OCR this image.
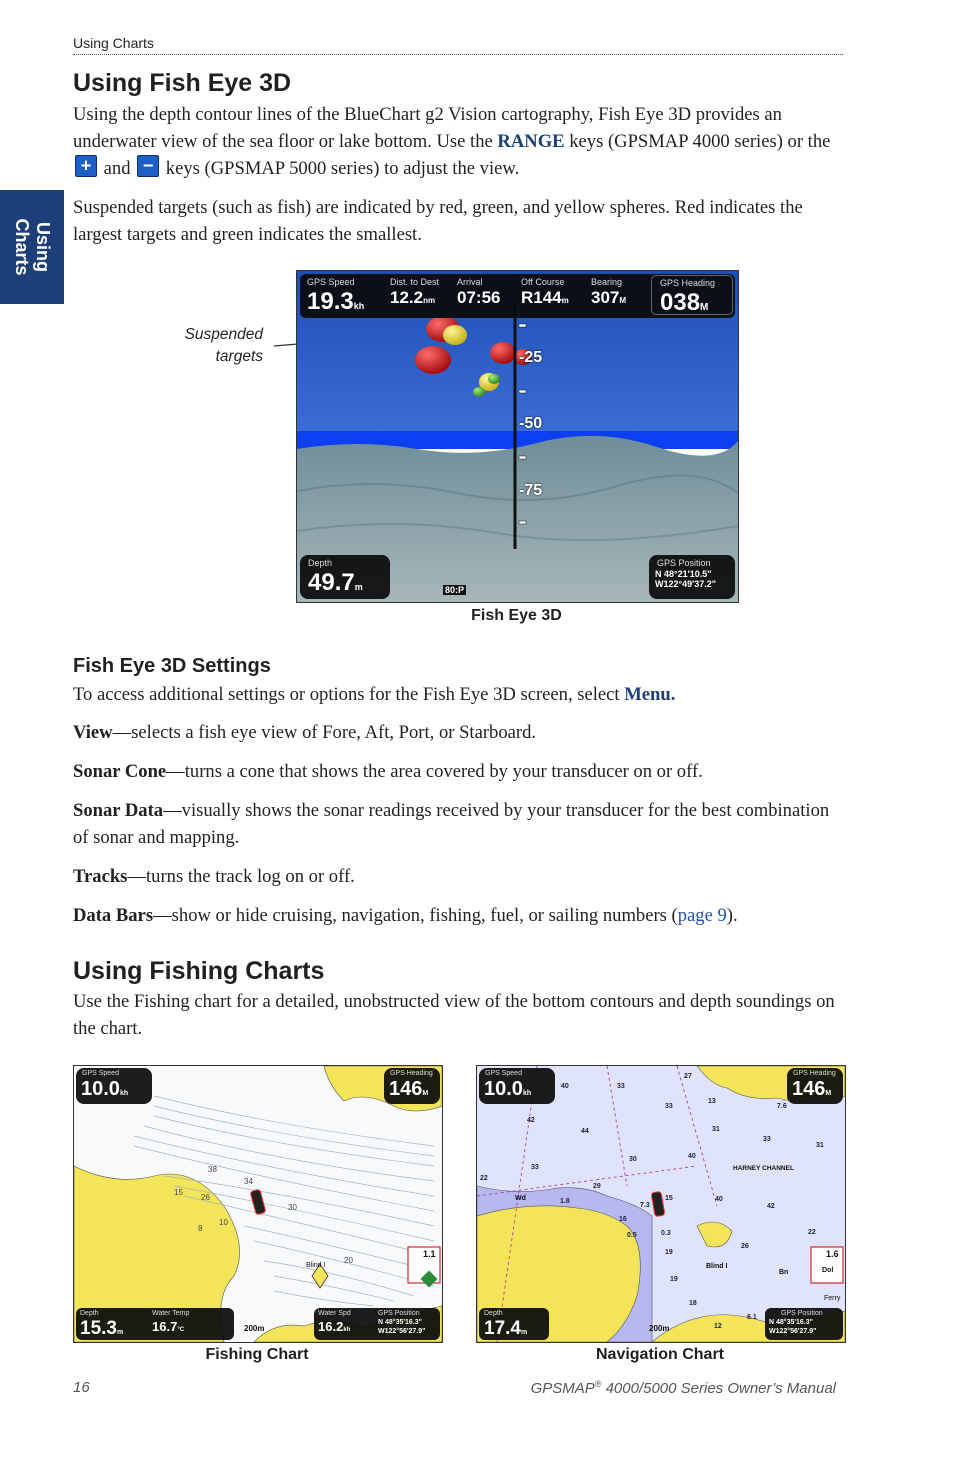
Using Charts
Using
Charts
Using Fish Eye 3D

Using the depth contour lines of the BlueChart g2 Vision cartography, Fish Eye 3D provides an underwater view of the sea floor or lake bottom. Use the RANGE keys (GPSMAP 4000 series) or the
+ and − keys (GPSMAP 5000 series) to adjust the view.

Suspended targets (such as fish) are indicated by red, green, and yellow spheres. Red indicates the largest targets and green indicates the smallest.
Suspended
targets	-25
-50
-75
GPS Speed
19.3kh
Dist. to Dest
12.2nm
Arrival
07:56
Off Course
R144m
Bearing
307M
GPS Heading
038M
Depth
49.7m	80:P
GPS Position
N 48°21'10.5"
W122°49'37.2"
Fish Eye 3D
Fish Eye 3D Settings

To access additional settings or options for the Fish Eye 3D screen, select Menu.

View—selects a fish eye view of Fore, Aft, Port, or Starboard.

Sonar Cone—turns a cone that shows the area covered by your transducer on or off.

Sonar Data—visually shows the sonar readings received by your transducer for the best combination of sonar and mapping.

Tracks—turns the track log on or off.

Data Bars—show or hide cruising, navigation, fishing, fuel, or sailing numbers (page 9).

Using Fishing Charts
Use the Fishing chart for a detailed, unobstructed view of the bottom contours and depth soundings on the chart.
38
34
30
26
20
15
10
8
Blind I
1.1
GPS Speed
10.0kh
GPS Heading
146M
Depth
15.3m
Water Temp
16.7°C	200m
Water Spd
16.2kh
GPS Position
N 48°35'16.3"
W122°56'27.9"
40	33
27
42
44
33
13
7.6
31
33
31
30	40
33	HARNEY CHANNEL
22
29
Wd	1.8	15	40
42
7.3
16
0.5	0.3
26
22
19
Blind I
Bn
19
18
12
6.1
Dol
Ferry
1.6
GPS Speed
10.0kh
GPS Heading
146M
Depth
17.4m	200m
GPS Position
N 48°35'16.3"
W122°56'27.9"
Fishing Chart	Navigation Chart
16	GPSMAP® 4000/5000 Series Owner’s Manual
